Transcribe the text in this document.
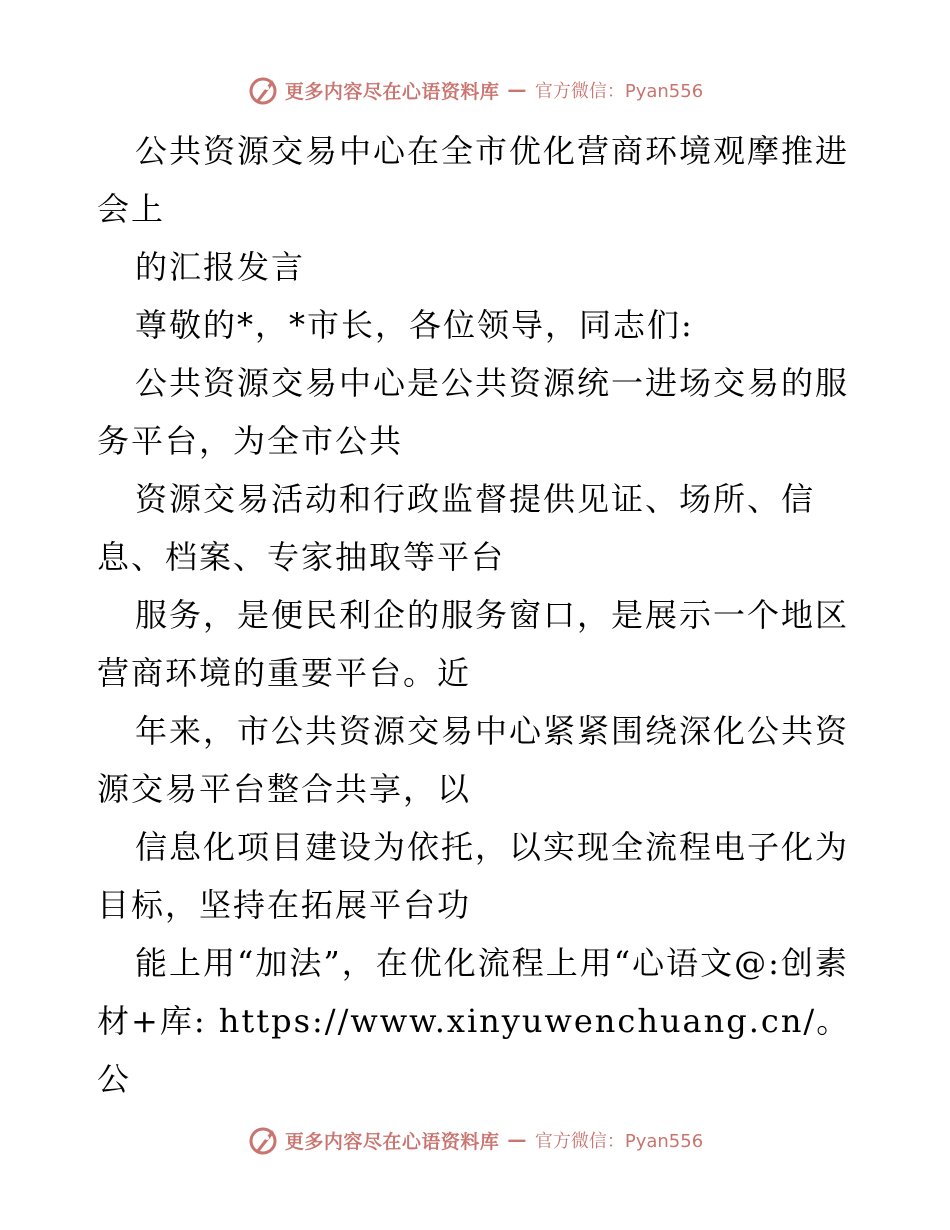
更多内容尽在心语资料库 — 官方微信：Pyan556

公共资源交易中心在全市优化营商环境观摩推进会上

的汇报发言

尊敬的*，*市长，各位领导，同志们:

公共资源交易中心是公共资源统一进场交易的服务平台，为全市公共

资源交易活动和行政监督提供见证、场所、信息、档案、专家抽取等平台

服务，是便民利企的服务窗口，是展示一个地区营商环境的重要平台。近

年来，市公共资源交易中心紧紧围绕深化公共资源交易平台整合共享，以

信息化项目建设为依托，以实现全流程电子化为目标，坚持在拓展平台功

能上用“加法”，在优化流程上用“心语文@:创素材+库: https://www.xinyuwenchuang.cn/。公

更多内容尽在心语资料库 — 官方微信：Pyan556
